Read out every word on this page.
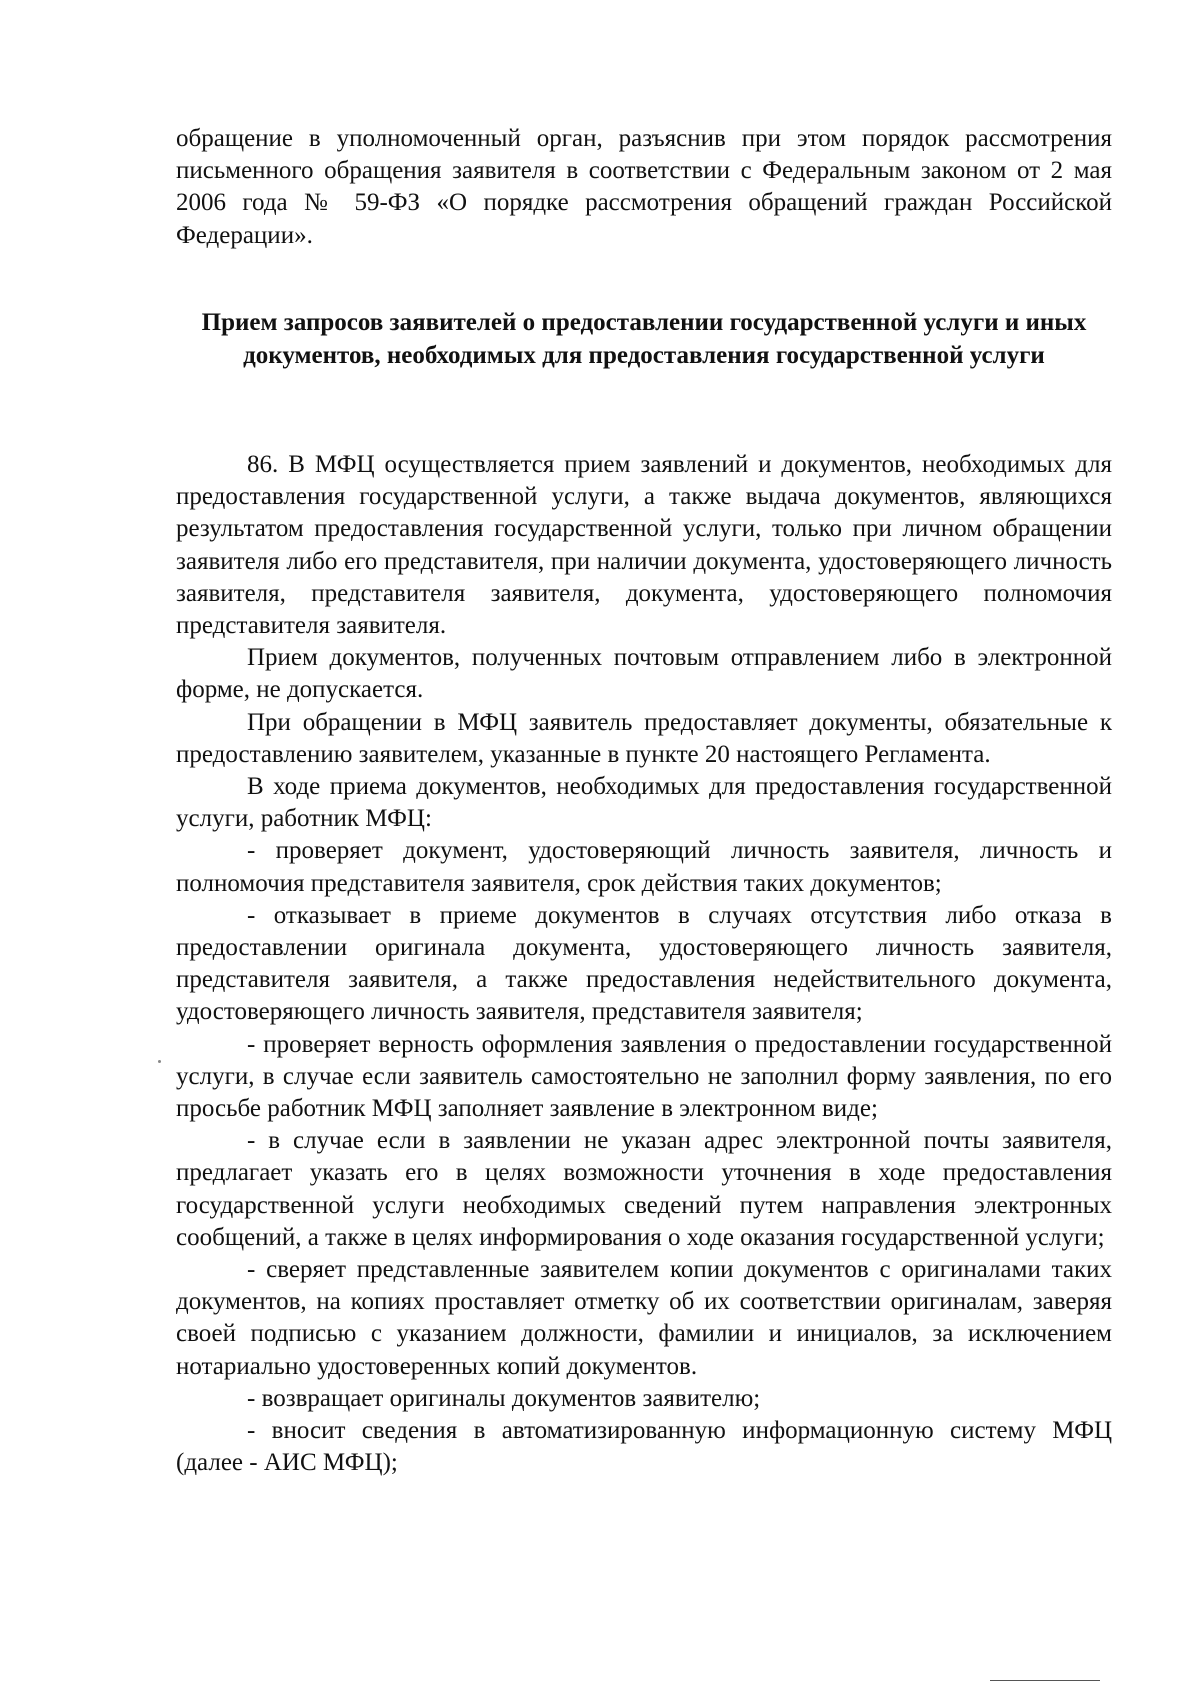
обращение в уполномоченный орган, разъяснив при этом порядок рассмотрения письменного обращения заявителя в соответствии с Федеральным законом от 2 мая 2006 года № 59-ФЗ «О порядке рассмотрения обращений граждан Российской Федерации».

Прием запросов заявителей о предоставлении государственной услуги и иных документов, необходимых для предоставления государственной услуги

86. В МФЦ осуществляется прием заявлений и документов, необходимых для предоставления государственной услуги, а также выдача документов, являющихся результатом предоставления государственной услуги, только при личном обращении заявителя либо его представителя, при наличии документа, удостоверяющего личность заявителя, представителя заявителя, документа, удостоверяющего полномочия представителя заявителя.

Прием документов, полученных почтовым отправлением либо в электронной форме, не допускается.

При обращении в МФЦ заявитель предоставляет документы, обязательные к предоставлению заявителем, указанные в пункте 20 настоящего Регламента.

В ходе приема документов, необходимых для предоставления государственной услуги, работник МФЦ:

- проверяет документ, удостоверяющий личность заявителя, личность и полномочия представителя заявителя, срок действия таких документов;

- отказывает в приеме документов в случаях отсутствия либо отказа в предоставлении оригинала документа, удостоверяющего личность заявителя, представителя заявителя, а также предоставления недействительного документа, удостоверяющего личность заявителя, представителя заявителя;

- проверяет верность оформления заявления о предоставлении государственной услуги, в случае если заявитель самостоятельно не заполнил форму заявления, по его просьбе работник МФЦ заполняет заявление в электронном виде;

- в случае если в заявлении не указан адрес электронной почты заявителя, предлагает указать его в целях возможности уточнения в ходе предоставления государственной услуги необходимых сведений путем направления электронных сообщений, а также в целях информирования о ходе оказания государственной услуги;

- сверяет представленные заявителем копии документов с оригиналами таких документов, на копиях проставляет отметку об их соответствии оригиналам, заверяя своей подписью с указанием должности, фамилии и инициалов, за исключением нотариально удостоверенных копий документов.

- возвращает оригиналы документов заявителю;

- вносит сведения в автоматизированную информационную систему МФЦ (далее - АИС МФЦ);
